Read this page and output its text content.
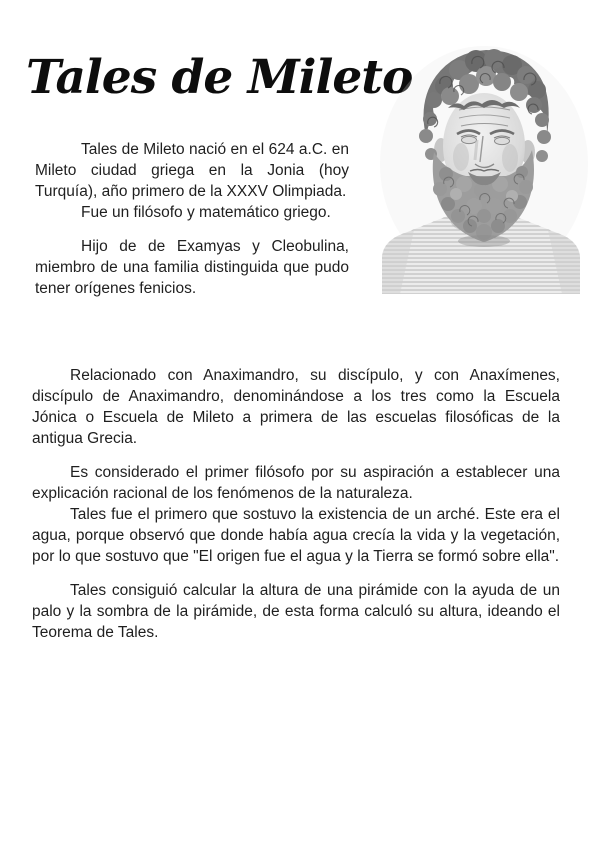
Tales de Mileto

Tales de Mileto nació en el 624 a.C. en Mileto ciudad griega en la Jonia (hoy Turquía), año primero de la XXXV Olimpiada.

Fue un filósofo y matemático griego.

Hijo de de Examyas y Cleobulina, miembro de una familia distinguida que pudo tener orígenes fenicios.

Relacionado con Anaximandro, su discípulo, y con Anaxímenes, discípulo de Anaximandro, denominándose a los tres como la Escuela Jónica o Escuela de Mileto a primera de las escuelas filosóficas de la antigua Grecia.

Es considerado el primer filósofo por su aspiración a establecer una explicación racional de los fenómenos de la naturaleza.

Tales fue el primero que sostuvo la existencia de un arché. Este era el agua, porque observó que donde había agua crecía la vida y la vegetación, por lo que sostuvo que "El origen fue el agua y la Tierra se formó sobre ella".

Tales consiguió calcular la altura de una pirámide con la ayuda de un palo y la sombra de la pirámide, de esta forma calculó su altura, ideando el Teorema de Tales.
